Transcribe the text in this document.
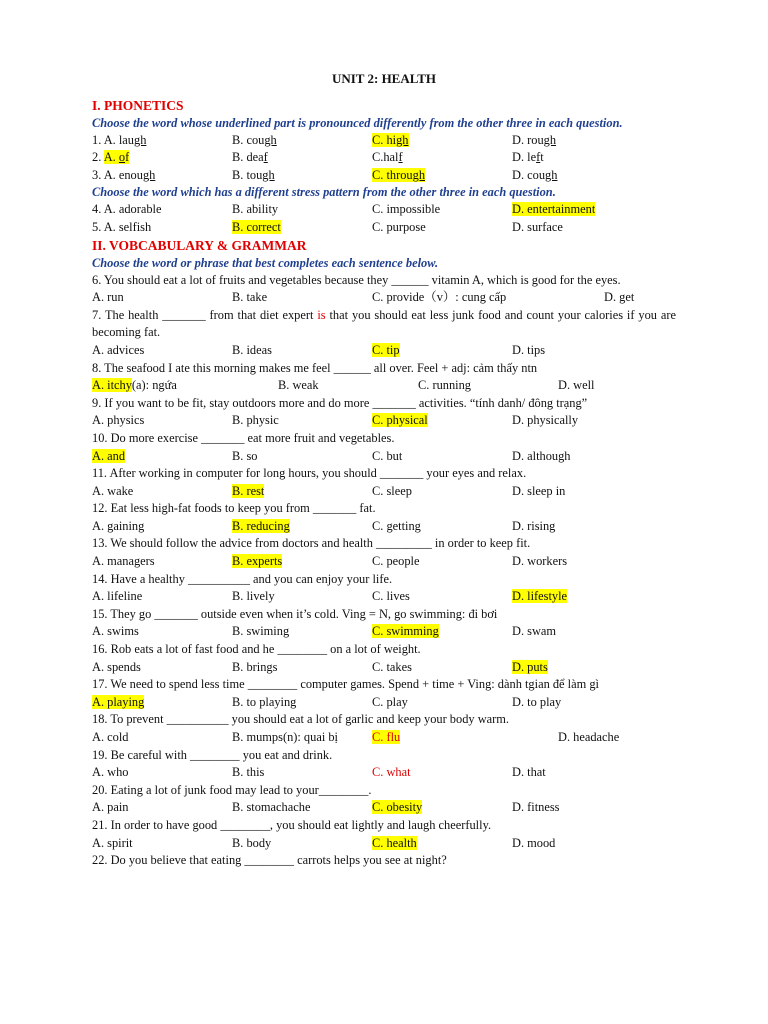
UNIT 2: HEALTH
I. PHONETICS
Choose the word whose underlined part is pronounced differently from the other three in each question.
1. A. laugh	B. cough	C. high	D. rough
2. A. of	B. deaf	C.half	D. left
3. A. enough	B. tough	C. through	D. cough
Choose the word which has a different stress pattern from the other three in each question.
4. A. adorable	B. ability	C. impossible	D. entertainment
5. A. selfish	B. correct	C. purpose	D. surface
II. VOBCABULARY & GRAMMAR
Choose the word or phrase that best completes each sentence below.
6. You should eat a lot of fruits and vegetables because they ______ vitamin A, which is good for the eyes.
A. run	B. take	C. provide（v）: cung cấp	D. get
7. The health _______ from that diet expert is that you should eat less junk food and count your calories if you are becoming fat.
A. advices	B. ideas	C. tip	D. tips
8. The seafood I ate this morning makes me feel ______ all over. Feel + adj: cảm thấy ntn
A. itchy(a): ngứa	B. weak	C. running	D. well
9. If you want to be fit, stay outdoors more and do more _______ activities. “tính danh/ đông trạng”
A. physics	B. physic	C. physical	D. physically
10. Do more exercise _______ eat more fruit and vegetables.
A. and	B. so	C. but	D. although
11. After working in computer for long hours, you should _______ your eyes and relax.
A. wake	B. rest	C. sleep	D. sleep in
12. Eat less high-fat foods to keep you from _______ fat.
A. gaining	B. reducing	C. getting	D. rising
13. We should follow the advice from doctors and health _________ in order to keep fit.
A. managers	B. experts	C. people	D. workers
14. Have a healthy __________ and you can enjoy your life.
A. lifeline	B. lively	C. lives	D. lifestyle
15. They go _______ outside even when it’s cold. Ving = N, go swimming: đi bơi
A. swims	B. swiming	C. swimming	D. swam
16. Rob eats a lot of fast food and he ________ on a lot of weight.
A. spends	B. brings	C. takes	D. puts
17. We need to spend less time ________ computer games. Spend + time + Ving: dành tgian để làm gì
A. playing	B. to playing	C. play	D. to play
18. To prevent __________ you should eat a lot of garlic and keep your body warm.
A. cold	B. mumps(n): quai bị	C. flu	D. headache
19. Be careful with ________ you eat and drink.
A. who	B. this	C. what	D. that
20. Eating a lot of junk food may lead to your________.
A. pain	B. stomachache	C. obesity	D. fitness
21. In order to have good ________, you should eat lightly and laugh cheerfully.
A. spirit	B. body	C. health	D. mood
22. Do you believe that eating ________ carrots helps you see at night?
